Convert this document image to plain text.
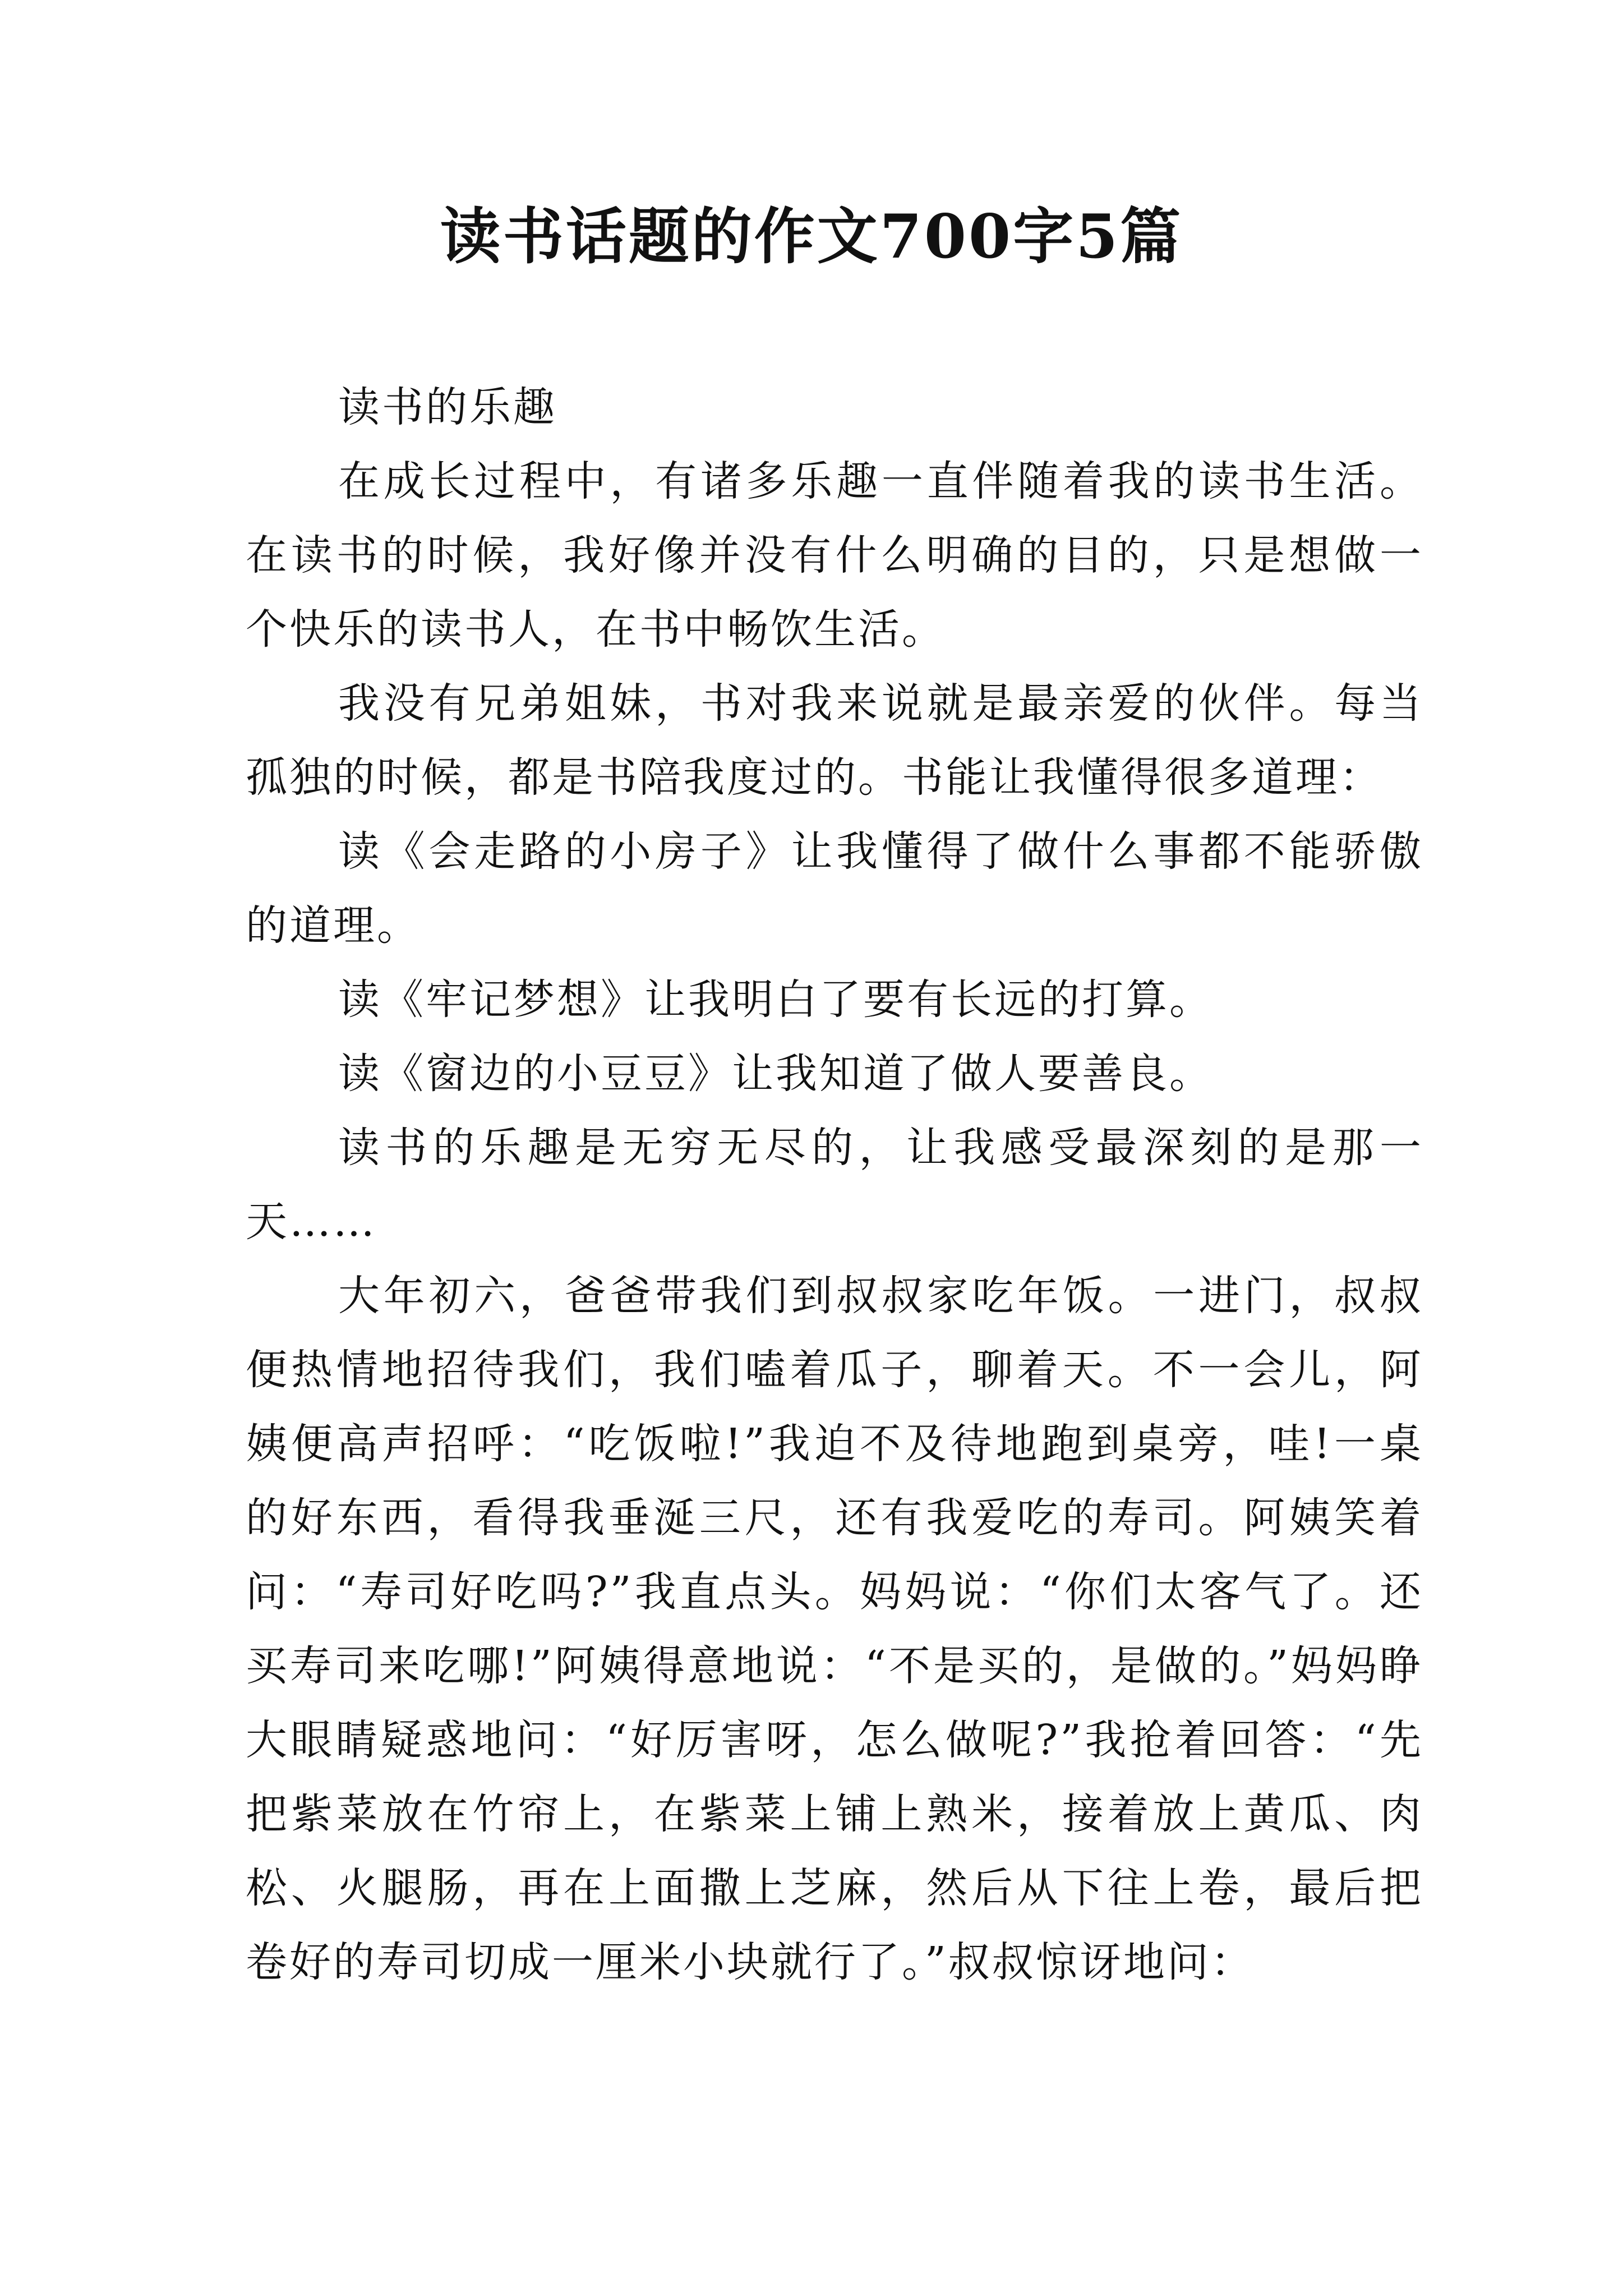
读书话题的作文700字5篇

读书的乐趣

在成长过程中，有诸多乐趣一直伴随着我的读书生活。在读书的时候，我好像并没有什么明确的目的，只是想做一个快乐的读书人，在书中畅饮生活。

我没有兄弟姐妹，书对我来说就是最亲爱的伙伴。每当孤独的时候，都是书陪我度过的。书能让我懂得很多道理：

读《会走路的小房子》让我懂得了做什么事都不能骄傲的道理。

读《牢记梦想》让我明白了要有长远的打算。

读《窗边的小豆豆》让我知道了做人要善良。

读书的乐趣是无穷无尽的，让我感受最深刻的是那一天……

大年初六，爸爸带我们到叔叔家吃年饭。一进门，叔叔便热情地招待我们，我们嗑着瓜子，聊着天。不一会儿，阿姨便高声招呼：“吃饭啦!”我迫不及待地跑到桌旁，哇!一桌的好东西，看得我垂涎三尺，还有我爱吃的寿司。阿姨笑着问：“寿司好吃吗?”我直点头。妈妈说：“你们太客气了。还买寿司来吃哪!”阿姨得意地说：“不是买的，是做的。”妈妈睁大眼睛疑惑地问：“好厉害呀，怎么做呢?”我抢着回答：“先把紫菜放在竹帘上，在紫菜上铺上熟米，接着放上黄瓜、肉松、火腿肠，再在上面撒上芝麻，然后从下往上卷，最后把卷好的寿司切成一厘米小块就行了。”叔叔惊讶地问：
